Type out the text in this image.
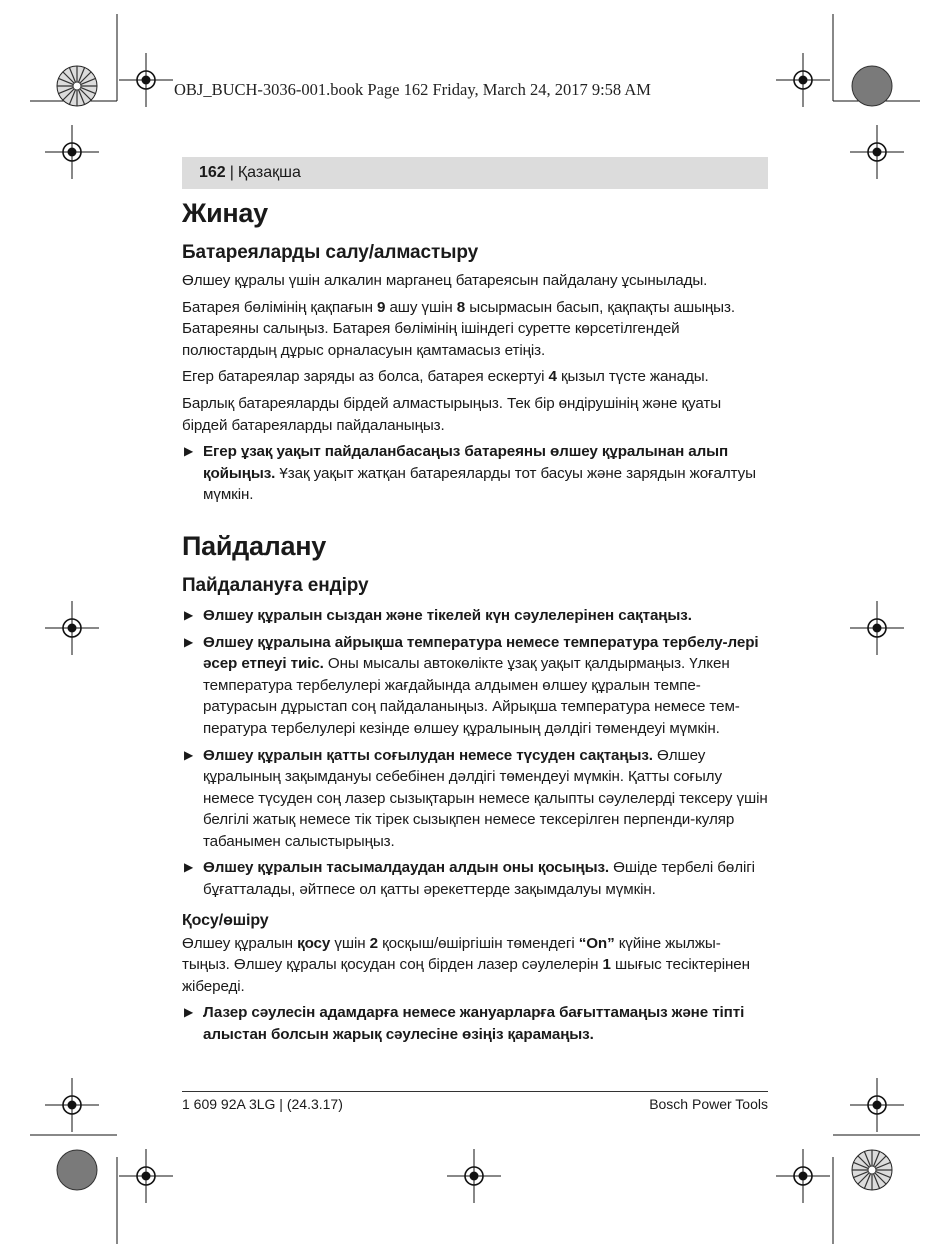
OBJ_BUCH-3036-001.book Page 162 Friday, March 24, 2017 9:58 AM
162 | Қазақша
Жинау
Батареяларды салу/алмастыру

Өлшеу құралы үшін алкалин марганец батареясын пайдалану ұсынылады.

Батарея бөлімінің қақпағын 9 ашу үшін 8 ысырмасын басып, қақпақты ашыңыз. Батареяны салыңыз. Батарея бөлімінің ішіндегі суретте көрсетілгендей полюстардың дұрыс орналасуын қамтамасыз етіңіз.

Егер батареялар заряды аз болса, батарея ескертуі 4 қызыл түсте жанады.

Барлық батареяларды бірдей алмастырыңыз. Тек бір өндірушінің және қуаты бірдей батареяларды пайдаланыңыз.

▶ Егер ұзақ уақыт пайдаланбасаңыз батареяны өлшеу құралынан алып қойыңыз. Ұзақ уақыт жатқан батареяларды тот басуы және зарядын жоғалтуы мүмкін.
Пайдалану
Пайдалануға ендіру
▶ Өлшеу құралын сыздан және тікелей күн сәулелерінен сақтаңыз.
▶ Өлшеу құралына айрықша температура немесе температура тербелу-лері әсер етпеуі тиіс. Оны мысалы автокөлікте ұзақ уақыт қалдырмаңыз. Үлкен температура тербелулері жағдайында алдымен өлшеу құралын темпе-ратурасын дұрыстап соң пайдаланыңыз. Айрықша температура немесе тем-пература тербелулері кезінде өлшеу құралының дәлдігі төмендеуі мүмкін.
▶ Өлшеу құралын қатты соғылудан немесе түсуден сақтаңыз. Өлшеу құралының зақымдануы себебінен дәлдігі төмендеуі мүмкін. Қатты соғылу немесе түсуден соң лазер сызықтарын немесе қалыпты сәулелерді тексеру үшін белгілі жатық немесе тік тірек сызықпен немесе тексерілген перпенди-куляр табанымен салыстырыңыз.
▶ Өлшеу құралын тасымалдаудан алдын оны қосыңыз. Өшіде тербелі бөлігі бұғатталады, әйтпесе ол қатты әрекеттерде зақымдалуы мүмкін.
Қосу/өшіру

Өлшеу құралын қосу үшін 2 қосқыш/өшіргішін төмендегі “On” күйіне жылжы-тыңыз. Өлшеу құралы қосудан соң бірден лазер сәулелерін 1 шығыс тесіктерінен жібереді.

▶ Лазер сәулесін адамдарға немесе жануарларға бағыттамаңыз және тіпті алыстан болсын жарық сәулесіне өзіңіз қарамаңыз.
1 609 92A 3LG | (24.3.17)	Bosch Power Tools
